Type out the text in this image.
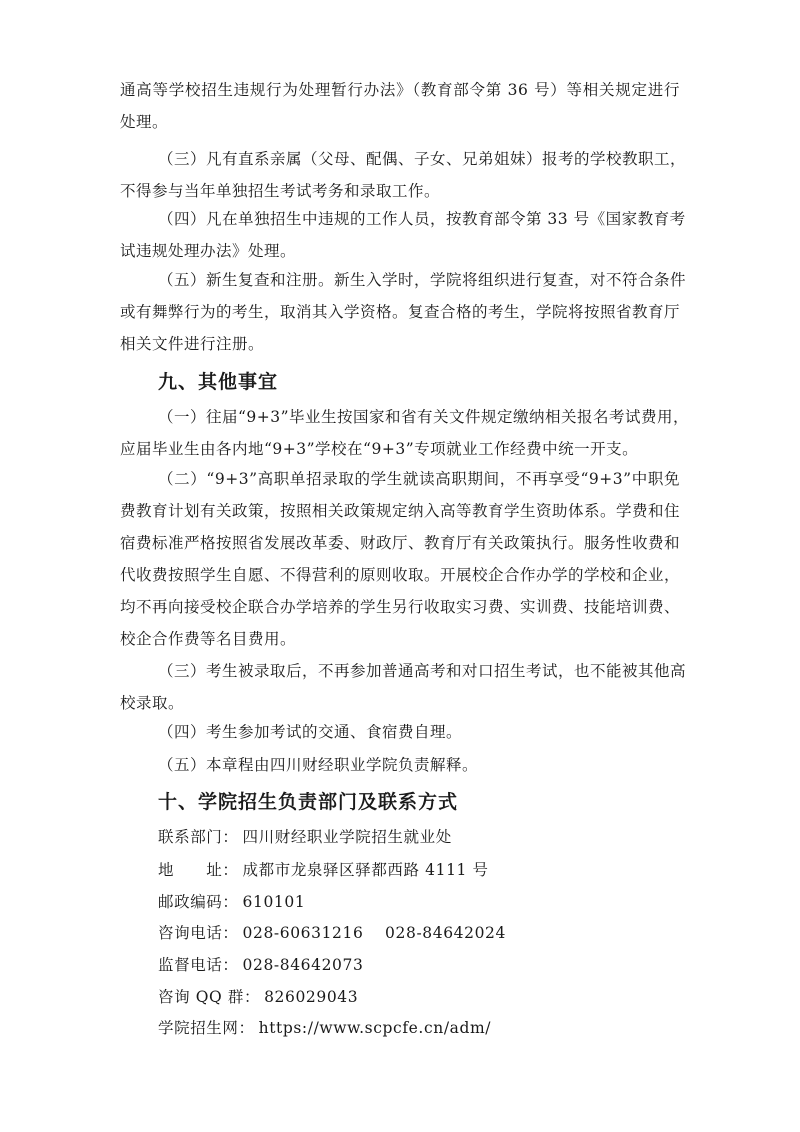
通高等学校招生违规行为处理暂行办法》（教育部令第 36 号）等相关规定进行
处理。
（三）凡有直系亲属（父母、配偶、子女、兄弟姐妹）报考的学校教职工，
不得参与当年单独招生考试考务和录取工作。
（四）凡在单独招生中违规的工作人员，按教育部令第 33 号《国家教育考
试违规处理办法》处理。
（五）新生复查和注册。新生入学时，学院将组织进行复查，对不符合条件
或有舞弊行为的考生，取消其入学资格。复查合格的考生，学院将按照省教育厅
相关文件进行注册。
九、其他事宜
（一）往届“9+3”毕业生按国家和省有关文件规定缴纳相关报名考试费用，
应届毕业生由各内地“9+3”学校在“9+3”专项就业工作经费中统一开支。
（二）“9+3”高职单招录取的学生就读高职期间，不再享受“9+3”中职免
费教育计划有关政策，按照相关政策规定纳入高等教育学生资助体系。学费和住
宿费标准严格按照省发展改革委、财政厅、教育厅有关政策执行。服务性收费和
代收费按照学生自愿、不得营利的原则收取。开展校企合作办学的学校和企业，
均不再向接受校企联合办学培养的学生另行收取实习费、实训费、技能培训费、
校企合作费等名目费用。
（三）考生被录取后，不再参加普通高考和对口招生考试，也不能被其他高
校录取。
（四）考生参加考试的交通、食宿费自理。
（五）本章程由四川财经职业学院负责解释。
十、学院招生负责部门及联系方式
联系部门： 四川财经职业学院招生就业处
地　　址： 成都市龙泉驿区驿都西路 4111 号
邮政编码： 610101
咨询电话： 028-60631216　 028-84642024
监督电话： 028-84642073
咨询 QQ 群： 826029043
学院招生网： https://www.scpcfe.cn/adm/
